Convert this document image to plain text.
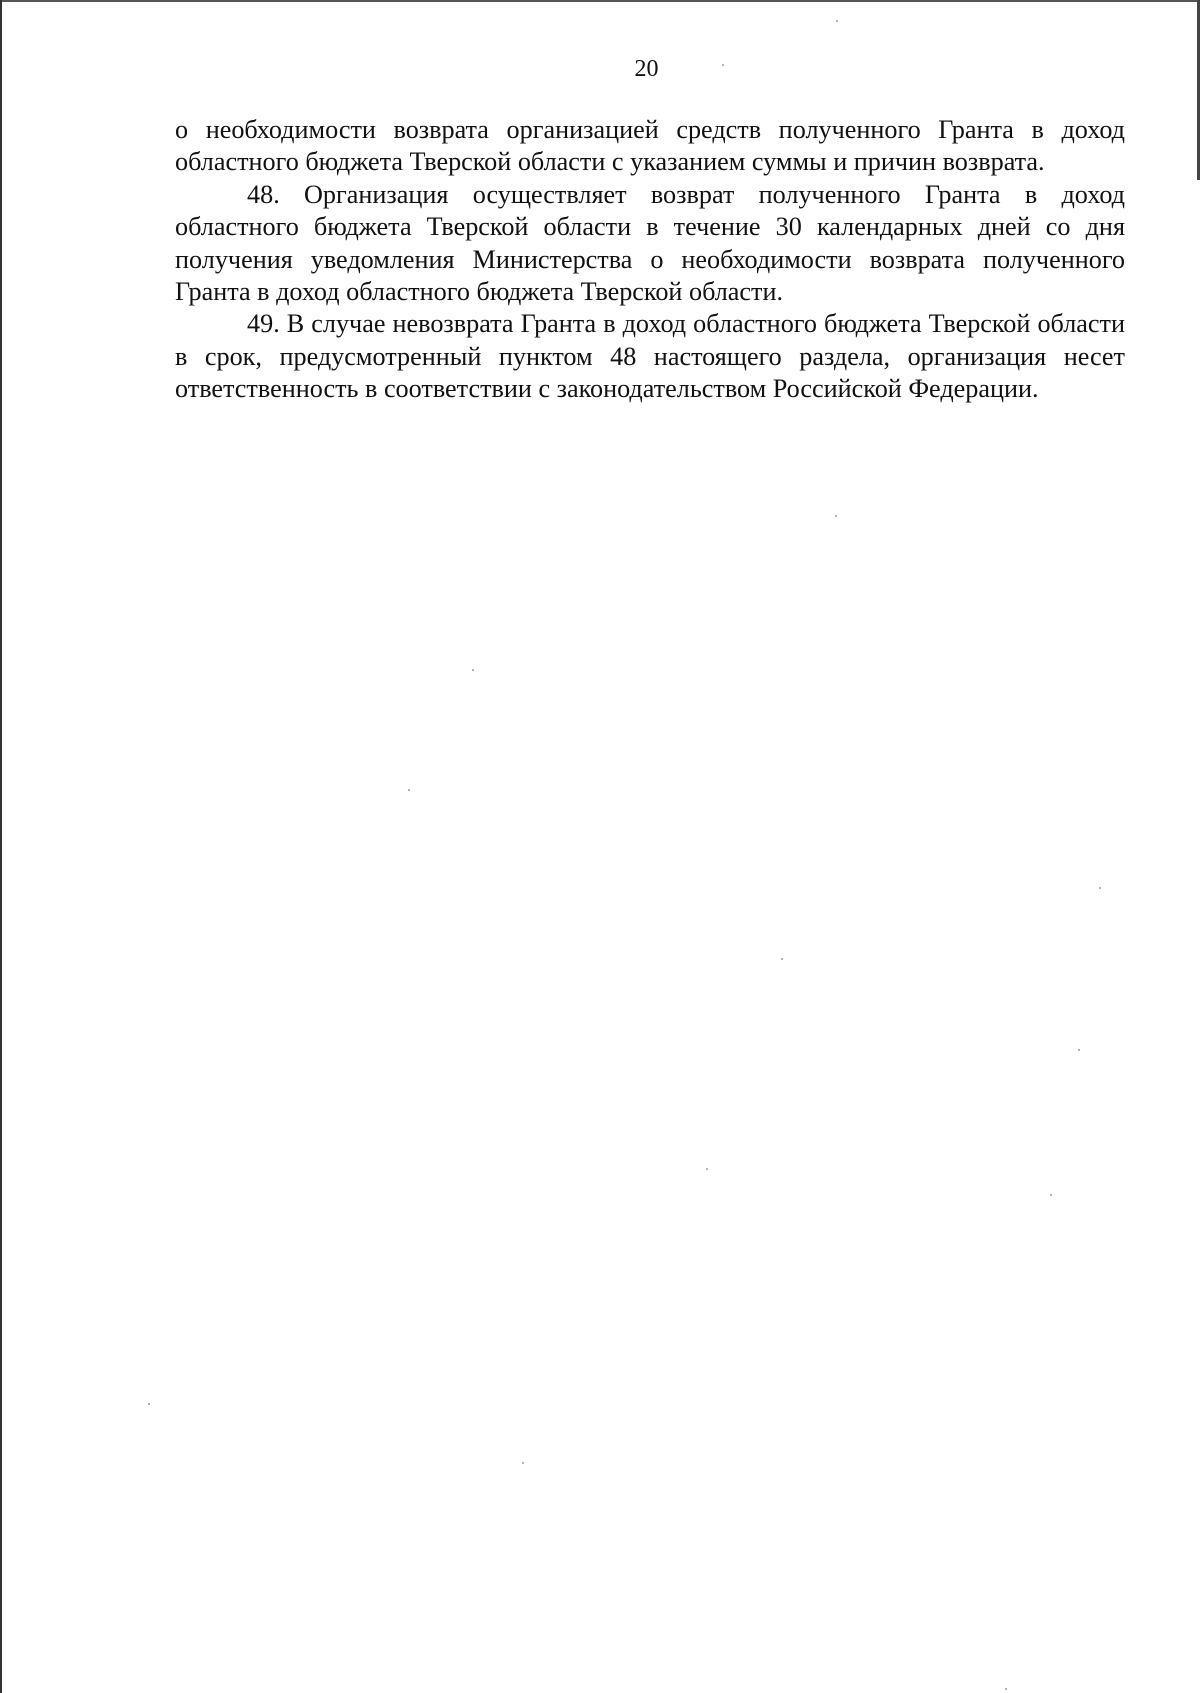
20

о необходимости возврата организацией средств полученного Гранта в доход областного бюджета Тверской области с указанием суммы и причин возврата.

48. Организация осуществляет возврат полученного Гранта в доход областного бюджета Тверской области в течение 30 календарных дней со дня получения уведомления Министерства о необходимости возврата полученного Гранта в доход областного бюджета Тверской области.

49. В случае невозврата Гранта в доход областного бюджета Тверской области в срок, предусмотренный пунктом 48 настоящего раздела, организация несет ответственность в соответствии с законодательством Российской Федерации.
